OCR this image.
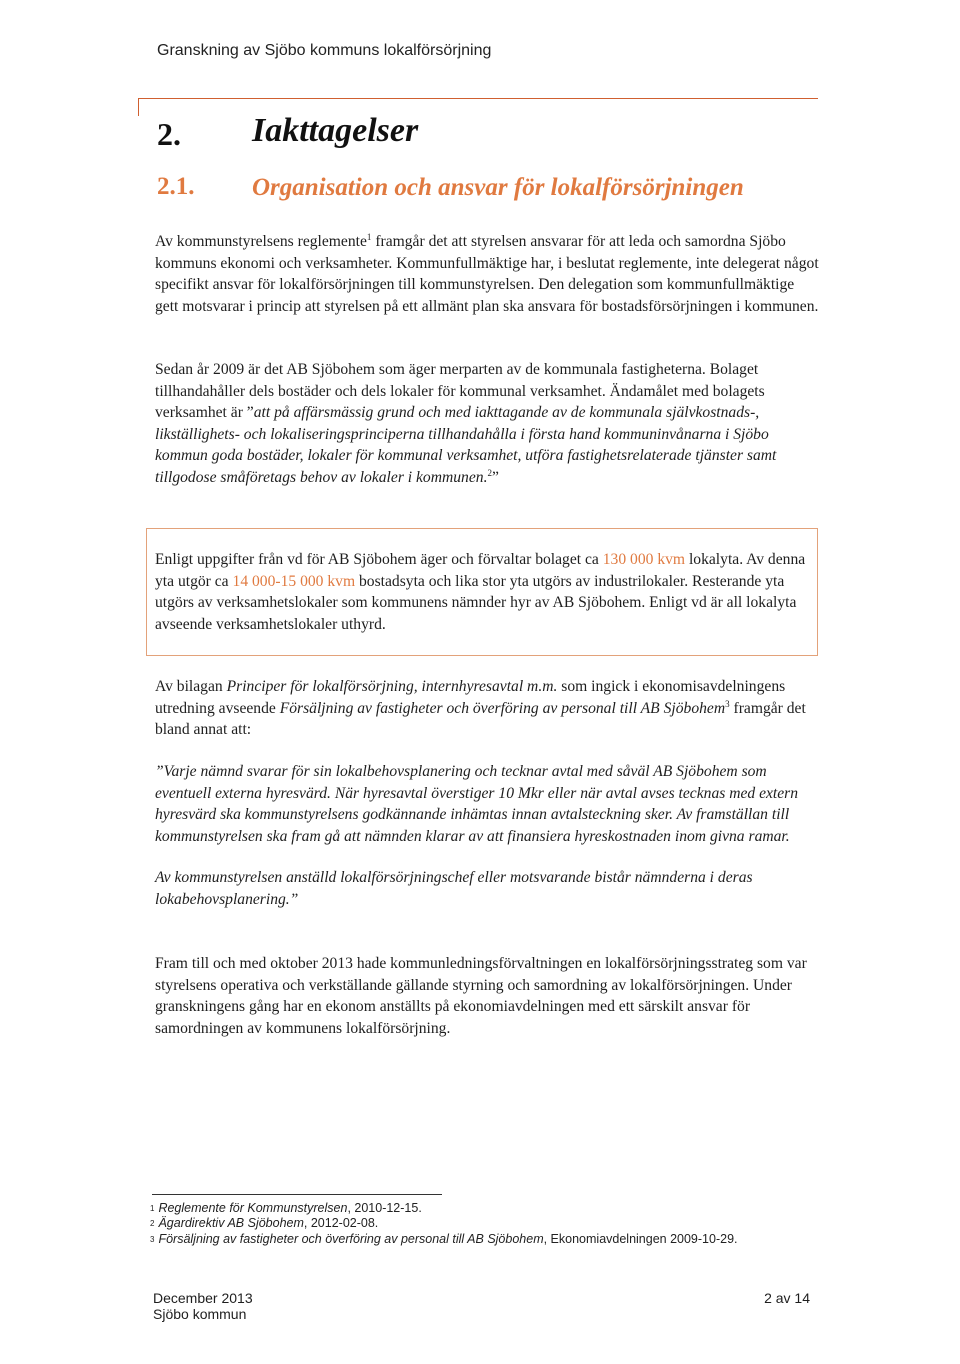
Granskning av Sjöbo kommuns lokalförsörjning
2. Iakttagelser
2.1. Organisation och ansvar för lokalförsörjningen

Av kommunstyrelsens reglemente$^1$ framgår det att styrelsen ansvarar för att leda och samordna Sjöbo kommuns ekonomi och verksamheter. Kommunfullmäktige har, i beslutat reglemente, inte delegerat något specifikt ansvar för lokalförsörjningen till kommunstyrelsen. Den delegation som kommunfullmäktige gett motsvarar i princip att styrelsen på ett allmänt plan ska ansvara för bostadsförsörjningen i kommunen.

Sedan år 2009 är det AB Sjöbohem som äger merparten av de kommunala fastigheterna. Bolaget tillhandahåller dels bostäder och dels lokaler för kommunal verksamhet. Ändamålet med bolagets verksamhet är ”att på affärsmässig grund och med iakttagande av de kommunala självkostnads-, likställighets- och lokaliseringsprinciperna tillhandahålla i första hand kommuninvånarna i Sjöbo kommun goda bostäder, lokaler för kommunal verksamhet, utföra fastighetsrelaterade tjänster samt tillgodose småföretags behov av lokaler i kommunen.$^2$”

Enligt uppgifter från vd för AB Sjöbohem äger och förvaltar bolaget ca 130 000 kvm lokalyta. Av denna yta utgör ca 14 000-15 000 kvm bostadsyta och lika stor yta utgörs av industrilokaler. Resterande yta utgörs av verksamhetslokaler som kommunens nämnder hyr av AB Sjöbohem. Enligt vd är all lokalyta avseende verksamhetslokaler uthyrd.

Av bilagan Principer för lokalförsörjning, internhyresavtal m.m. som ingick i ekonomisavdelningens utredning avseende Försäljning av fastigheter och överföring av personal till AB Sjöbohem$^3$ framgår det bland annat att:

”Varje nämnd svarar för sin lokalbehovsplanering och tecknar avtal med såväl AB Sjöbohem som eventuell externa hyresvärd. När hyresavtal överstiger 10 Mkr eller när avtal avses tecknas med extern hyresvärd ska kommunstyrelsens godkännande inhämtas innan avtalsteckning sker. Av framställan till kommunstyrelsen ska fram gå att nämnden klarar av att finansiera hyreskostnaden inom givna ramar.

Av kommunstyrelsen anställd lokalförsörjningschef eller motsvarande bistår nämnderna i deras lokabehovsplanering.”

Fram till och med oktober 2013 hade kommunledningsförvaltningen en lokalförsörjningsstrateg som var styrelsens operativa och verkställande gällande styrning och samordning av lokalförsörjningen. Under granskningens gång har en ekonom anställts på ekonomiavdelningen med ett särskilt ansvar för samordningen av kommunens lokalförsörjning.

$^1$ Reglemente för Kommunstyrelsen, 2010-12-15.
$^2$ Ägardirektiv AB Sjöbohem, 2012-02-08.
$^3$ Försäljning av fastigheter och överföring av personal till AB Sjöbohem, Ekonomiavdelningen 2009-10-29.
December 2013
Sjöbo kommun
2 av 14
